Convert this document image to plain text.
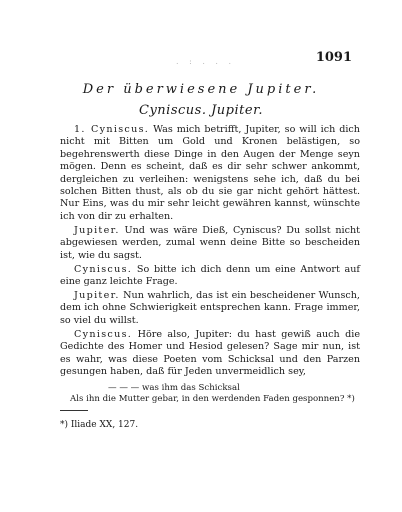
. : . . .	1091
Der überwiesene Jupiter.
Cyniscus. Jupiter.

1. Cyniscus. Was mich betrifft, Jupiter, so will ich dich nicht mit Bitten um Gold und Kronen belästigen, so begehrenswerth diese Dinge in den Augen der Menge seyn mögen. Denn es scheint, daß es dir sehr schwer ankommt, dergleichen zu verleihen: wenigstens sehe ich, daß du bei solchen Bitten thust, als ob du sie gar nicht gehört hättest. Nur Eins, was du mir sehr leicht gewähren kannst, wünschte ich von dir zu erhalten.

Jupiter. Und was wäre Dieß, Cyniscus? Du sollst nicht abgewiesen werden, zumal wenn deine Bitte so bescheiden ist, wie du sagst.

Cyniscus. So bitte ich dich denn um eine Antwort auf eine ganz leichte Frage.

Jupiter. Nun wahrlich, das ist ein bescheidener Wunsch, dem ich ohne Schwierigkeit entsprechen kann. Frage immer, so viel du willst.

Cyniscus. Höre also, Jupiter: du hast gewiß auch die Gedichte des Homer und Hesiod gelesen? Sage mir nun, ist es wahr, was diese Poeten vom Schicksal und den Parzen gesungen haben, daß für Jeden unvermeidlich sey,

— — — was ihm das Schicksal
Als ihn die Mutter gebar, in den werdenden Faden gesponnen? *)
*) Iliade XX, 127.
